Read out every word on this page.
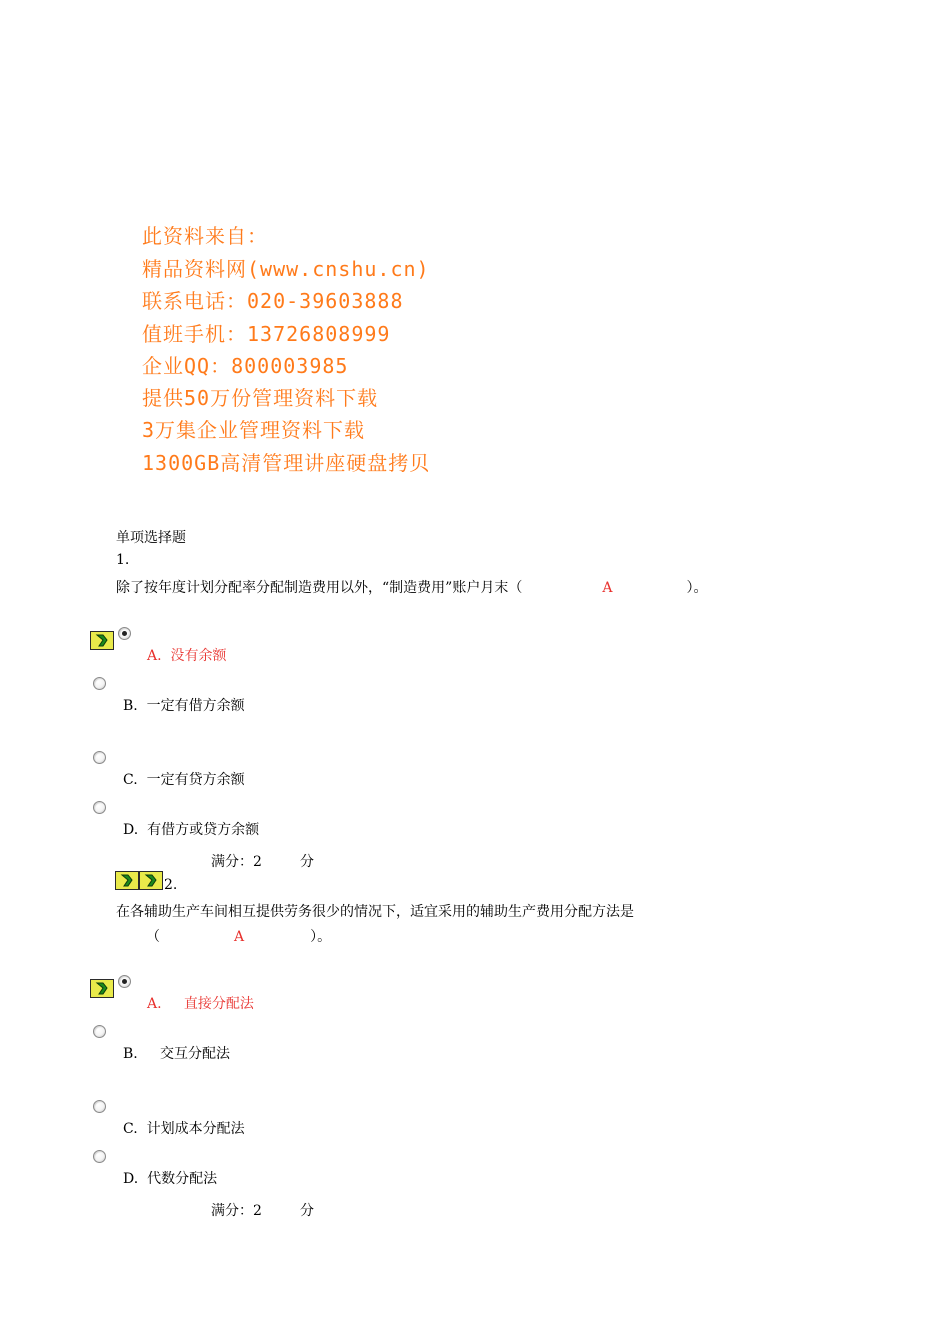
此资料来自：
精品资料网(www.cnshu.cn)
联系电话：020-39603888
值班手机：13726808999
企业QQ：800003985
提供50万份管理资料下载
3万集企业管理资料下载
1300GB高清管理讲座硬盘拷贝
单项选择题
1.
除了按年度计划分配率分配制造费用以外，“制造费用”账户月末（	A	）。
A. 没有余额
B. 一定有借方余额
C. 一定有贷方余额
D. 有借方或贷方余额
满分：2	分
2.
在各辅助生产车间相互提供劳务很少的情况下，适宜采用的辅助生产费用分配方法是
（	A	）。
A. 直接分配法
B. 交互分配法
C. 计划成本分配法
D. 代数分配法
满分：2	分
